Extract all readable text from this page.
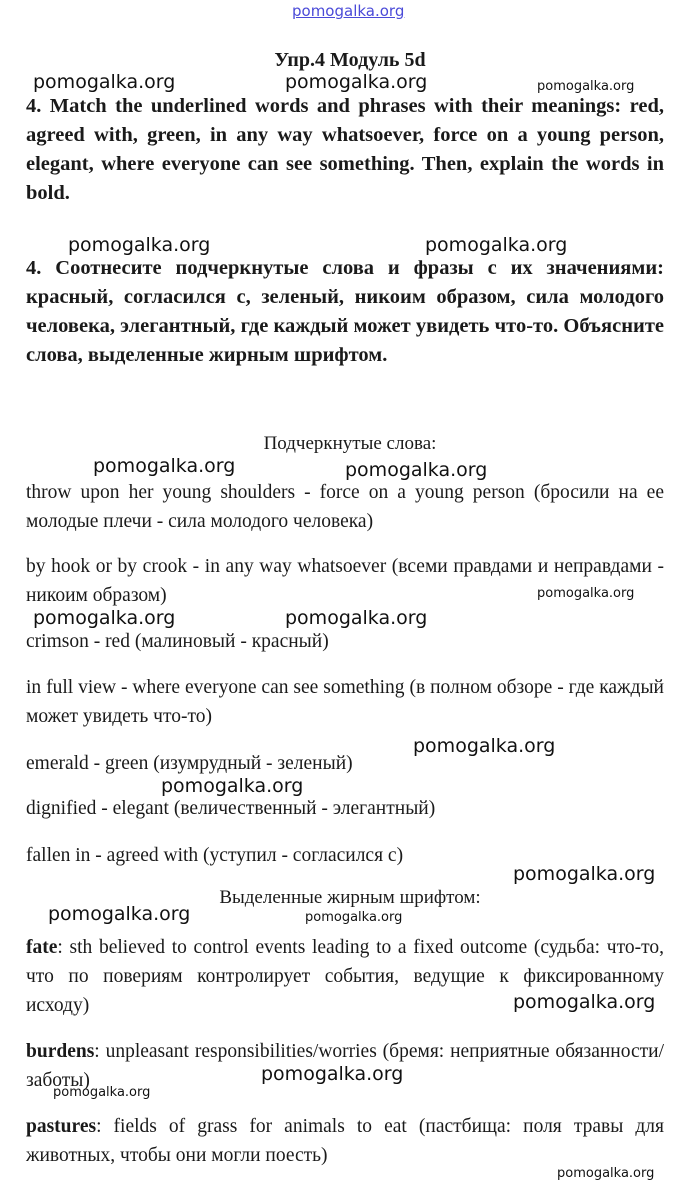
pomogalka.org
Упр.4 Модуль 5d
4. Match the underlined words and phrases with their meanings: red, agreed with, green, in any way whatsoever, force on a young person, elegant, where everyone can see something. Then, explain the words in bold.
4. Соотнесите подчеркнутые слова и фразы с их значениями: красный, согласился с, зеленый, никоим образом, сила молодого человека, элегантный, где каждый может увидеть что-то. Объясните слова, выделенные жирным шрифтом.
Подчеркнутые слова:
throw upon her young shoulders - force on a young person (бросили на ее молодые плечи - сила молодого человека)
by hook or by crook - in any way whatsoever (всеми правдами и неправдами - никоим образом)
crimson - red (малиновый - красный)
in full view - where everyone can see something (в полном обзоре - где каждый может увидеть что-то)
emerald - green (изумрудный - зеленый)
dignified - elegant (величественный - элегантный)
fallen in - agreed with (уступил - согласился с)
Выделенные жирным шрифтом:
fate: sth believed to control events leading to a fixed outcome (судьба: что-то, что по повериям контролирует события, ведущие к фиксированному исходу)
burdens: unpleasant responsibilities/worries (бремя: неприятные обязанности/заботы)
pastures: fields of grass for animals to eat (пастбища: поля травы для животных, чтобы они могли поесть)
pomogalka.org	pomogalka.org	pomogalka.org
pomogalka.org	pomogalka.org
pomogalka.org	pomogalka.org
pomogalka.org
pomogalka.org	pomogalka.org
pomogalka.org
pomogalka.org
pomogalka.org
pomogalka.org	pomogalka.org
pomogalka.org
pomogalka.org
pomogalka.org
pomogalka.org
